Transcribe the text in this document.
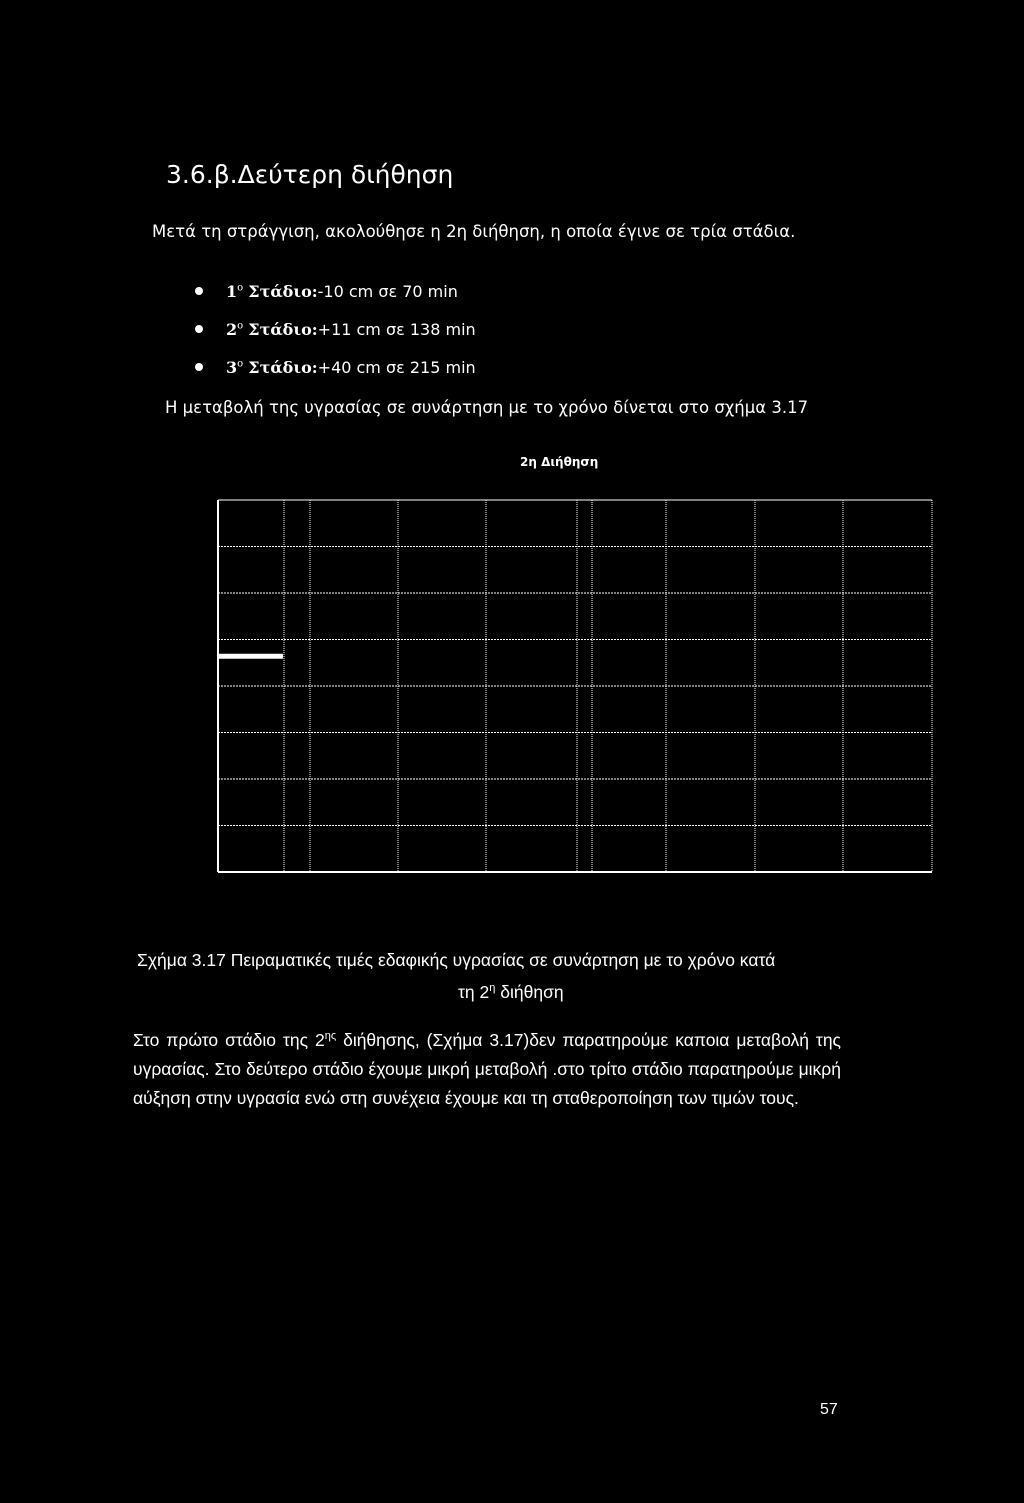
3.6.β.Δεύτερη διήθηση
Μετά τη στράγγιση, ακολούθησε η 2η διήθηση, η οποία έγινε σε τρία στάδια.
$1^o$
Στάδιο: -10 cm σε 70 min
$2^o$
Στάδιο: +11 cm σε 138 min
$3^o$
Στάδιο: +40 cm σε 215 min
Η μεταβολή της υγρασίας σε συνάρτηση με το χρόνο δίνεται στο σχήμα 3.17
2η Διήθηση
Σχήμα 3.17 Πειραματικές τιμές εδαφικής υγρασίας σε συνάρτηση με το χρόνο κατά
τη $2^\eta$ διήθηση
Στο πρώτο στάδιο της $2^{\eta\varsigma}$ διήθησης, (Σχήμα 3.17)δεν παρατηρούμε καποια μεταβολή της υγρασίας. Στο δεύτερο στάδιο έχουμε μικρή μεταβολή .στο τρίτο στάδιο παρατηρούμε μικρή αύξηση στην υγρασία ενώ στη συνέχεια έχουμε και τη σταθεροποίηση των τιμών τους.
57
